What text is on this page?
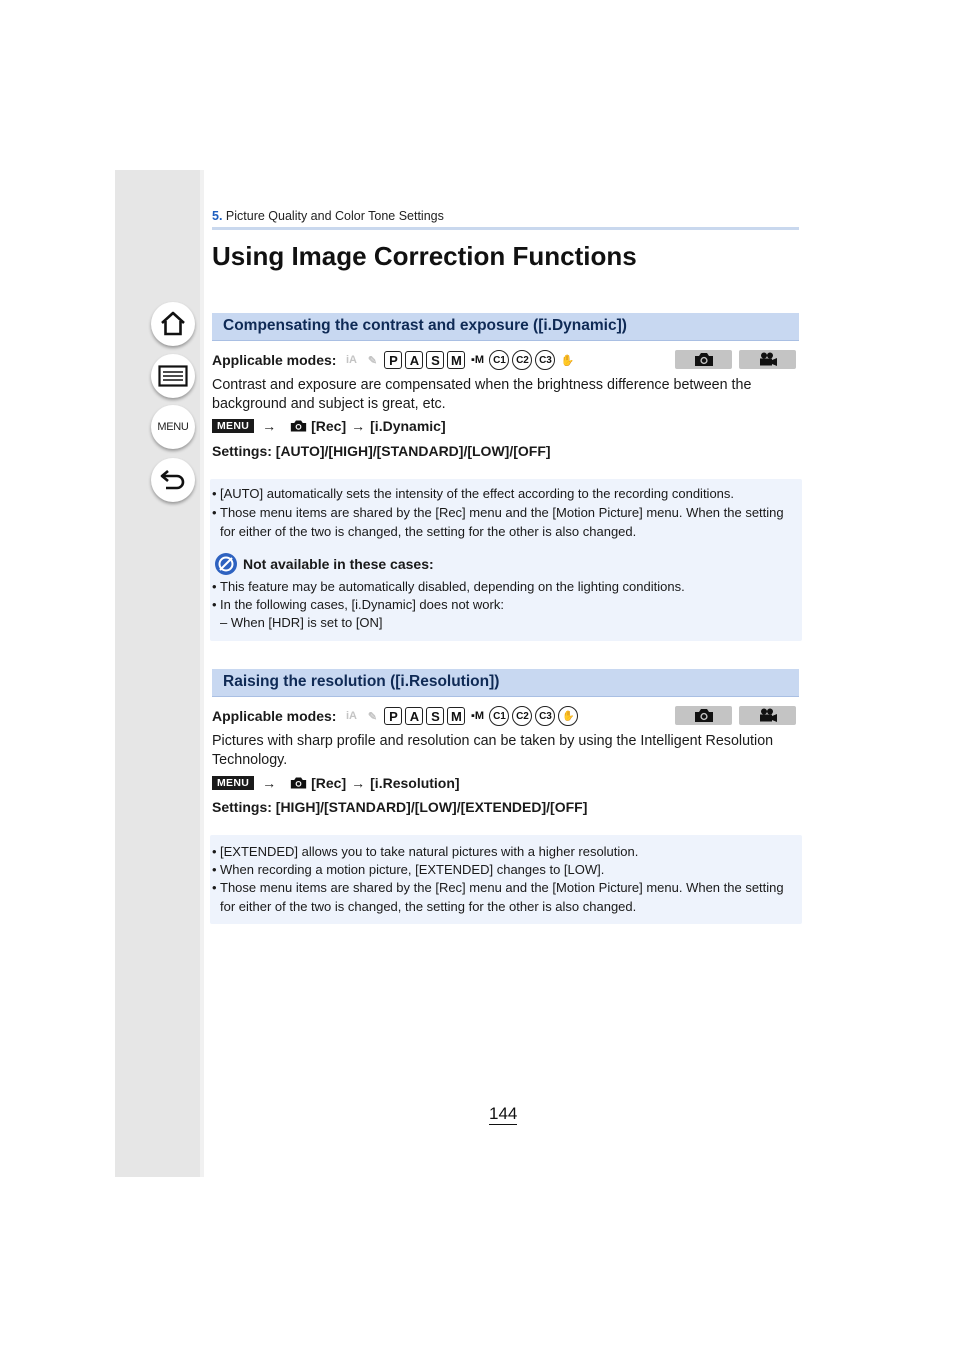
MENU
5. Picture Quality and Color Tone Settings
Using Image Correction Functions
Compensating the contrast and exposure ([i.Dynamic])
Applicable modes: iA ✎ P A S M ▪M C1	C2	C3 ✋
Contrast and exposure are compensated when the brightness difference between the background and subject is great, etc.
MENU →	[Rec] → [i.Dynamic]
Settings: [AUTO]/[HIGH]/[STANDARD]/[LOW]/[OFF]
• [AUTO] automatically sets the intensity of the effect according to the recording conditions.
• Those menu items are shared by the [Rec] menu and the [Motion Picture] menu. When the setting for either of the two is changed, the setting for the other is also changed.
Not available in these cases:
• This feature may be automatically disabled, depending on the lighting conditions.
• In the following cases, [i.Dynamic] does not work:
– When [HDR] is set to [ON]
Raising the resolution ([i.Resolution])
Applicable modes: iA ✎ P A S M ▪M C1	C2	C3	✋
Pictures with sharp profile and resolution can be taken by using the Intelligent Resolution Technology.
MENU →	[Rec] → [i.Resolution]
Settings: [HIGH]/[STANDARD]/[LOW]/[EXTENDED]/[OFF]
• [EXTENDED] allows you to take natural pictures with a higher resolution.
• When recording a motion picture, [EXTENDED] changes to [LOW].
• Those menu items are shared by the [Rec] menu and the [Motion Picture] menu. When the setting for either of the two is changed, the setting for the other is also changed.
144
